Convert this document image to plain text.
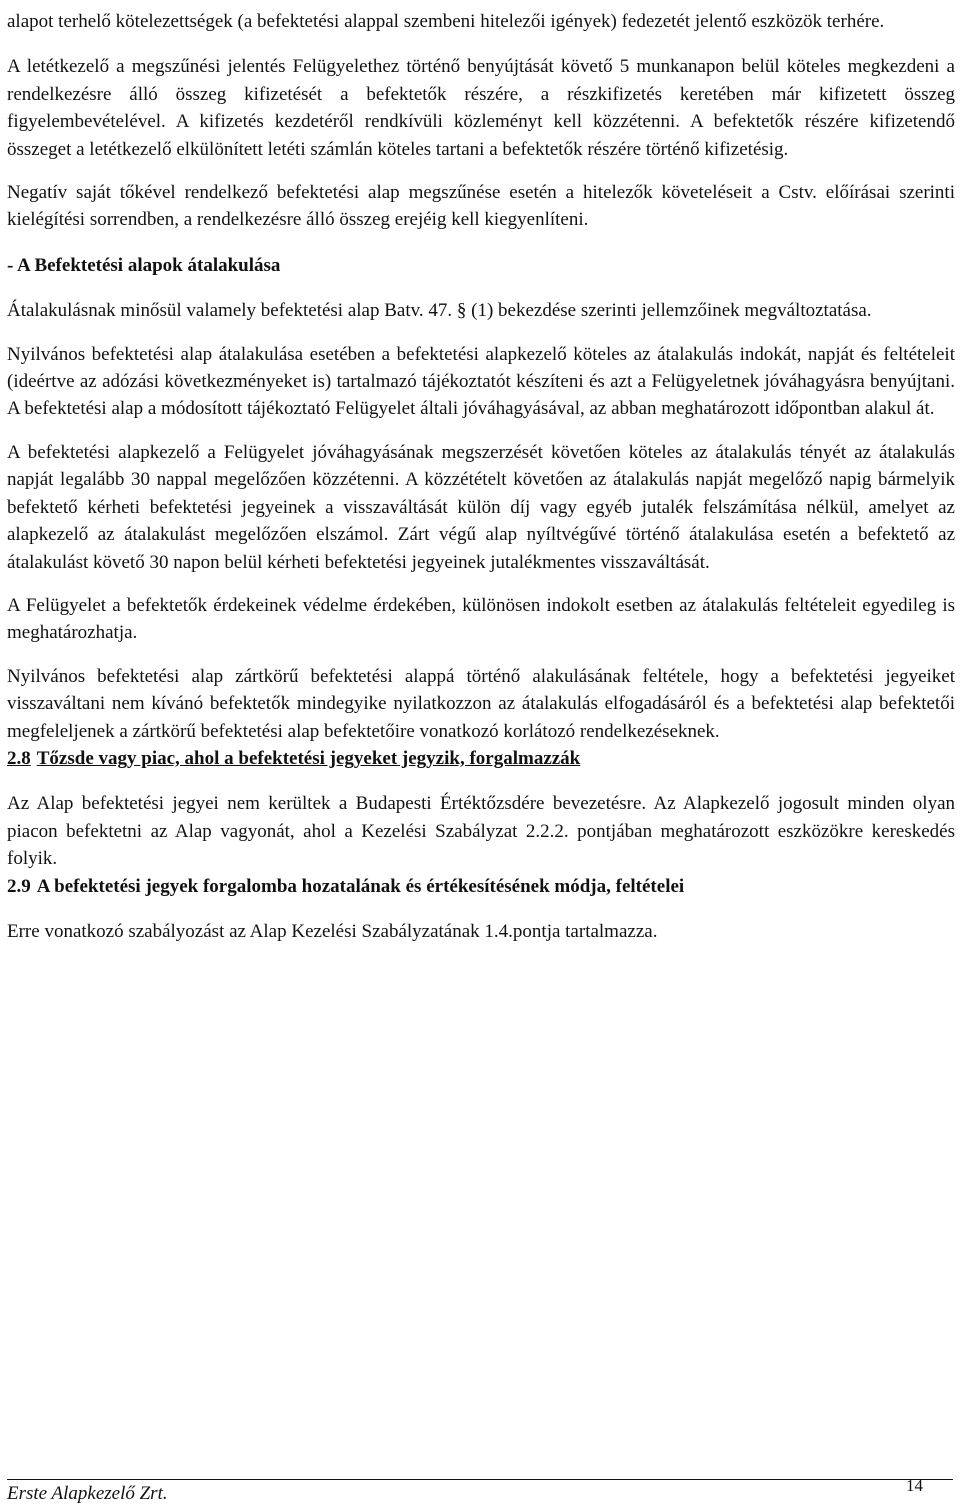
alapot terhelő kötelezettségek (a befektetési alappal szembeni hitelezői igények) fedezetét jelentő eszközök terhére.

A letétkezelő a megszűnési jelentés Felügyelethez történő benyújtását követő 5 munkanapon belül köteles megkezdeni a rendelkezésre álló összeg kifizetését a befektetők részére, a részkifizetés keretében már kifizetett összeg figyelembevételével. A kifizetés kezdetéről rendkívüli közleményt kell közzétenni. A befektetők részére kifizetendő összeget a letétkezelő elkülönített letéti számlán köteles tartani a befektetők részére történő kifizetésig.

Negatív saját tőkével rendelkező befektetési alap megszűnése esetén a hitelezők követeléseit a Cstv. előírásai szerinti kielégítési sorrendben, a rendelkezésre álló összeg erejéig kell kiegyenlíteni.

- A Befektetési alapok átalakulása

Átalakulásnak minősül valamely befektetési alap Batv. 47. § (1) bekezdése szerinti jellemzőinek megváltoztatása.

Nyilvános befektetési alap átalakulása esetében a befektetési alapkezelő köteles az átalakulás indokát, napját és feltételeit (ideértve az adózási következményeket is) tartalmazó tájékoztatót készíteni és azt a Felügyeletnek jóváhagyásra benyújtani. A befektetési alap a módosított tájékoztató Felügyelet általi jóváhagyásával, az abban meghatározott időpontban alakul át.

A befektetési alapkezelő a Felügyelet jóváhagyásának megszerzését követően köteles az átalakulás tényét az átalakulás napját legalább 30 nappal megelőzően közzétenni. A közzétételt követően az átalakulás napját megelőző napig bármelyik befektető kérheti befektetési jegyeinek a visszaváltását külön díj vagy egyéb jutalék felszámítása nélkül, amelyet az alapkezelő az átalakulást megelőzően elszámol. Zárt végű alap nyíltvégűvé történő átalakulása esetén a befektető az átalakulást követő 30 napon belül kérheti befektetési jegyeinek jutalékmentes visszaváltását.

A Felügyelet a befektetők érdekeinek védelme érdekében, különösen indokolt esetben az átalakulás feltételeit egyedileg is meghatározhatja.

Nyilvános befektetési alap zártkörű befektetési alappá történő alakulásának feltétele, hogy a befektetési jegyeiket visszaváltani nem kívánó befektetők mindegyike nyilatkozzon az átalakulás elfogadásáról és a befektetési alap befektetői megfeleljenek a zártkörű befektetési alap befektetőire vonatkozó korlátozó rendelkezéseknek.

2.8 Tőzsde vagy piac, ahol a befektetési jegyeket jegyzik, forgalmazzák

Az Alap befektetési jegyei nem kerültek a Budapesti Értéktőzsdére bevezetésre. Az Alapkezelő jogosult minden olyan piacon befektetni az Alap vagyonát, ahol a Kezelési Szabályzat 2.2.2. pontjában meghatározott eszközökre kereskedés folyik.

2.9 A befektetési jegyek forgalomba hozatalának és értékesítésének módja, feltételei

Erre vonatkozó szabályozást az Alap Kezelési Szabályzatának 1.4.pontja tartalmazza.

Erste Alapkezelő Zrt.	14
